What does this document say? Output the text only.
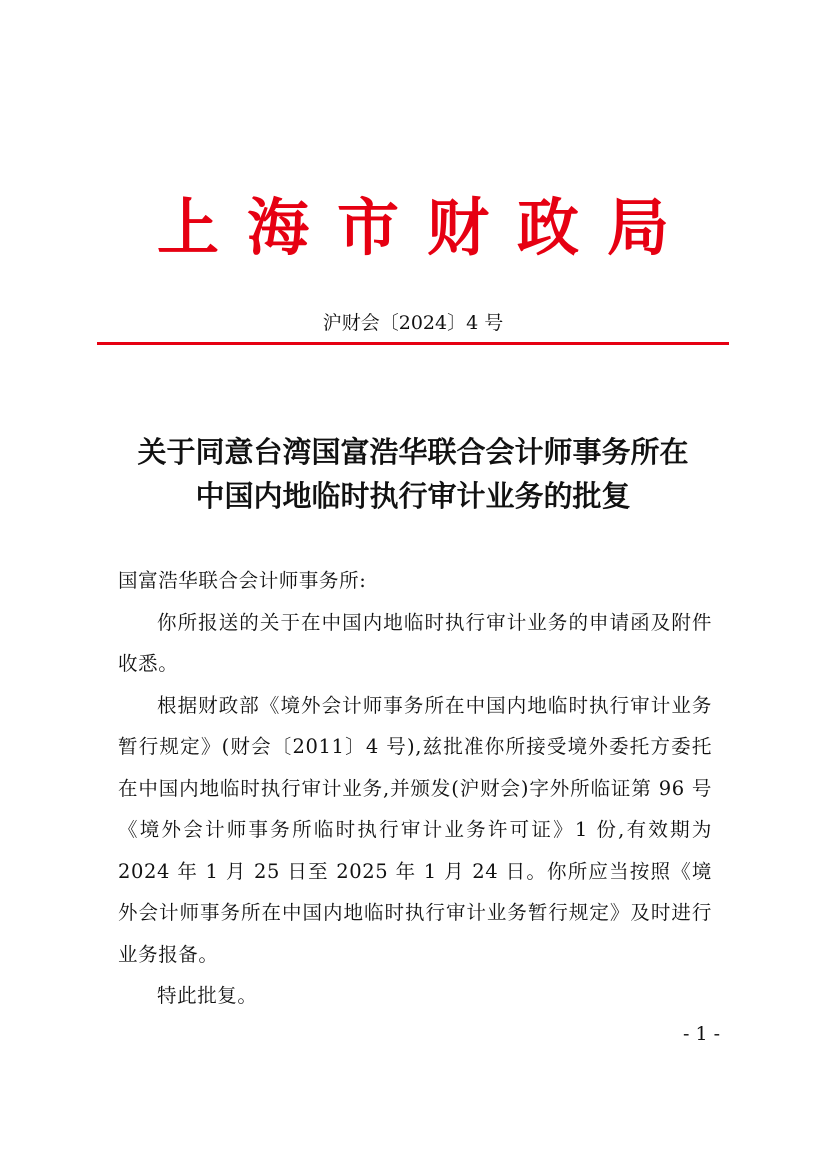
上海市财政局
沪财会〔2024〕4 号
关于同意台湾国富浩华联合会计师事务所在
中国内地临时执行审计业务的批复

国富浩华联合会计师事务所:

你所报送的关于在中国内地临时执行审计业务的申请函及附件收悉。

根据财政部《境外会计师事务所在中国内地临时执行审计业务暂行规定》(财会〔2011〕4 号),兹批准你所接受境外委托方委托在中国内地临时执行审计业务,并颁发(沪财会)字外所临证第 96 号《境外会计师事务所临时执行审计业务许可证》1 份,有效期为 2024 年 1 月 25 日至 2025 年 1 月 24 日。你所应当按照《境外会计师事务所在中国内地临时执行审计业务暂行规定》及时进行业务报备。

特此批复。

- 1 -
